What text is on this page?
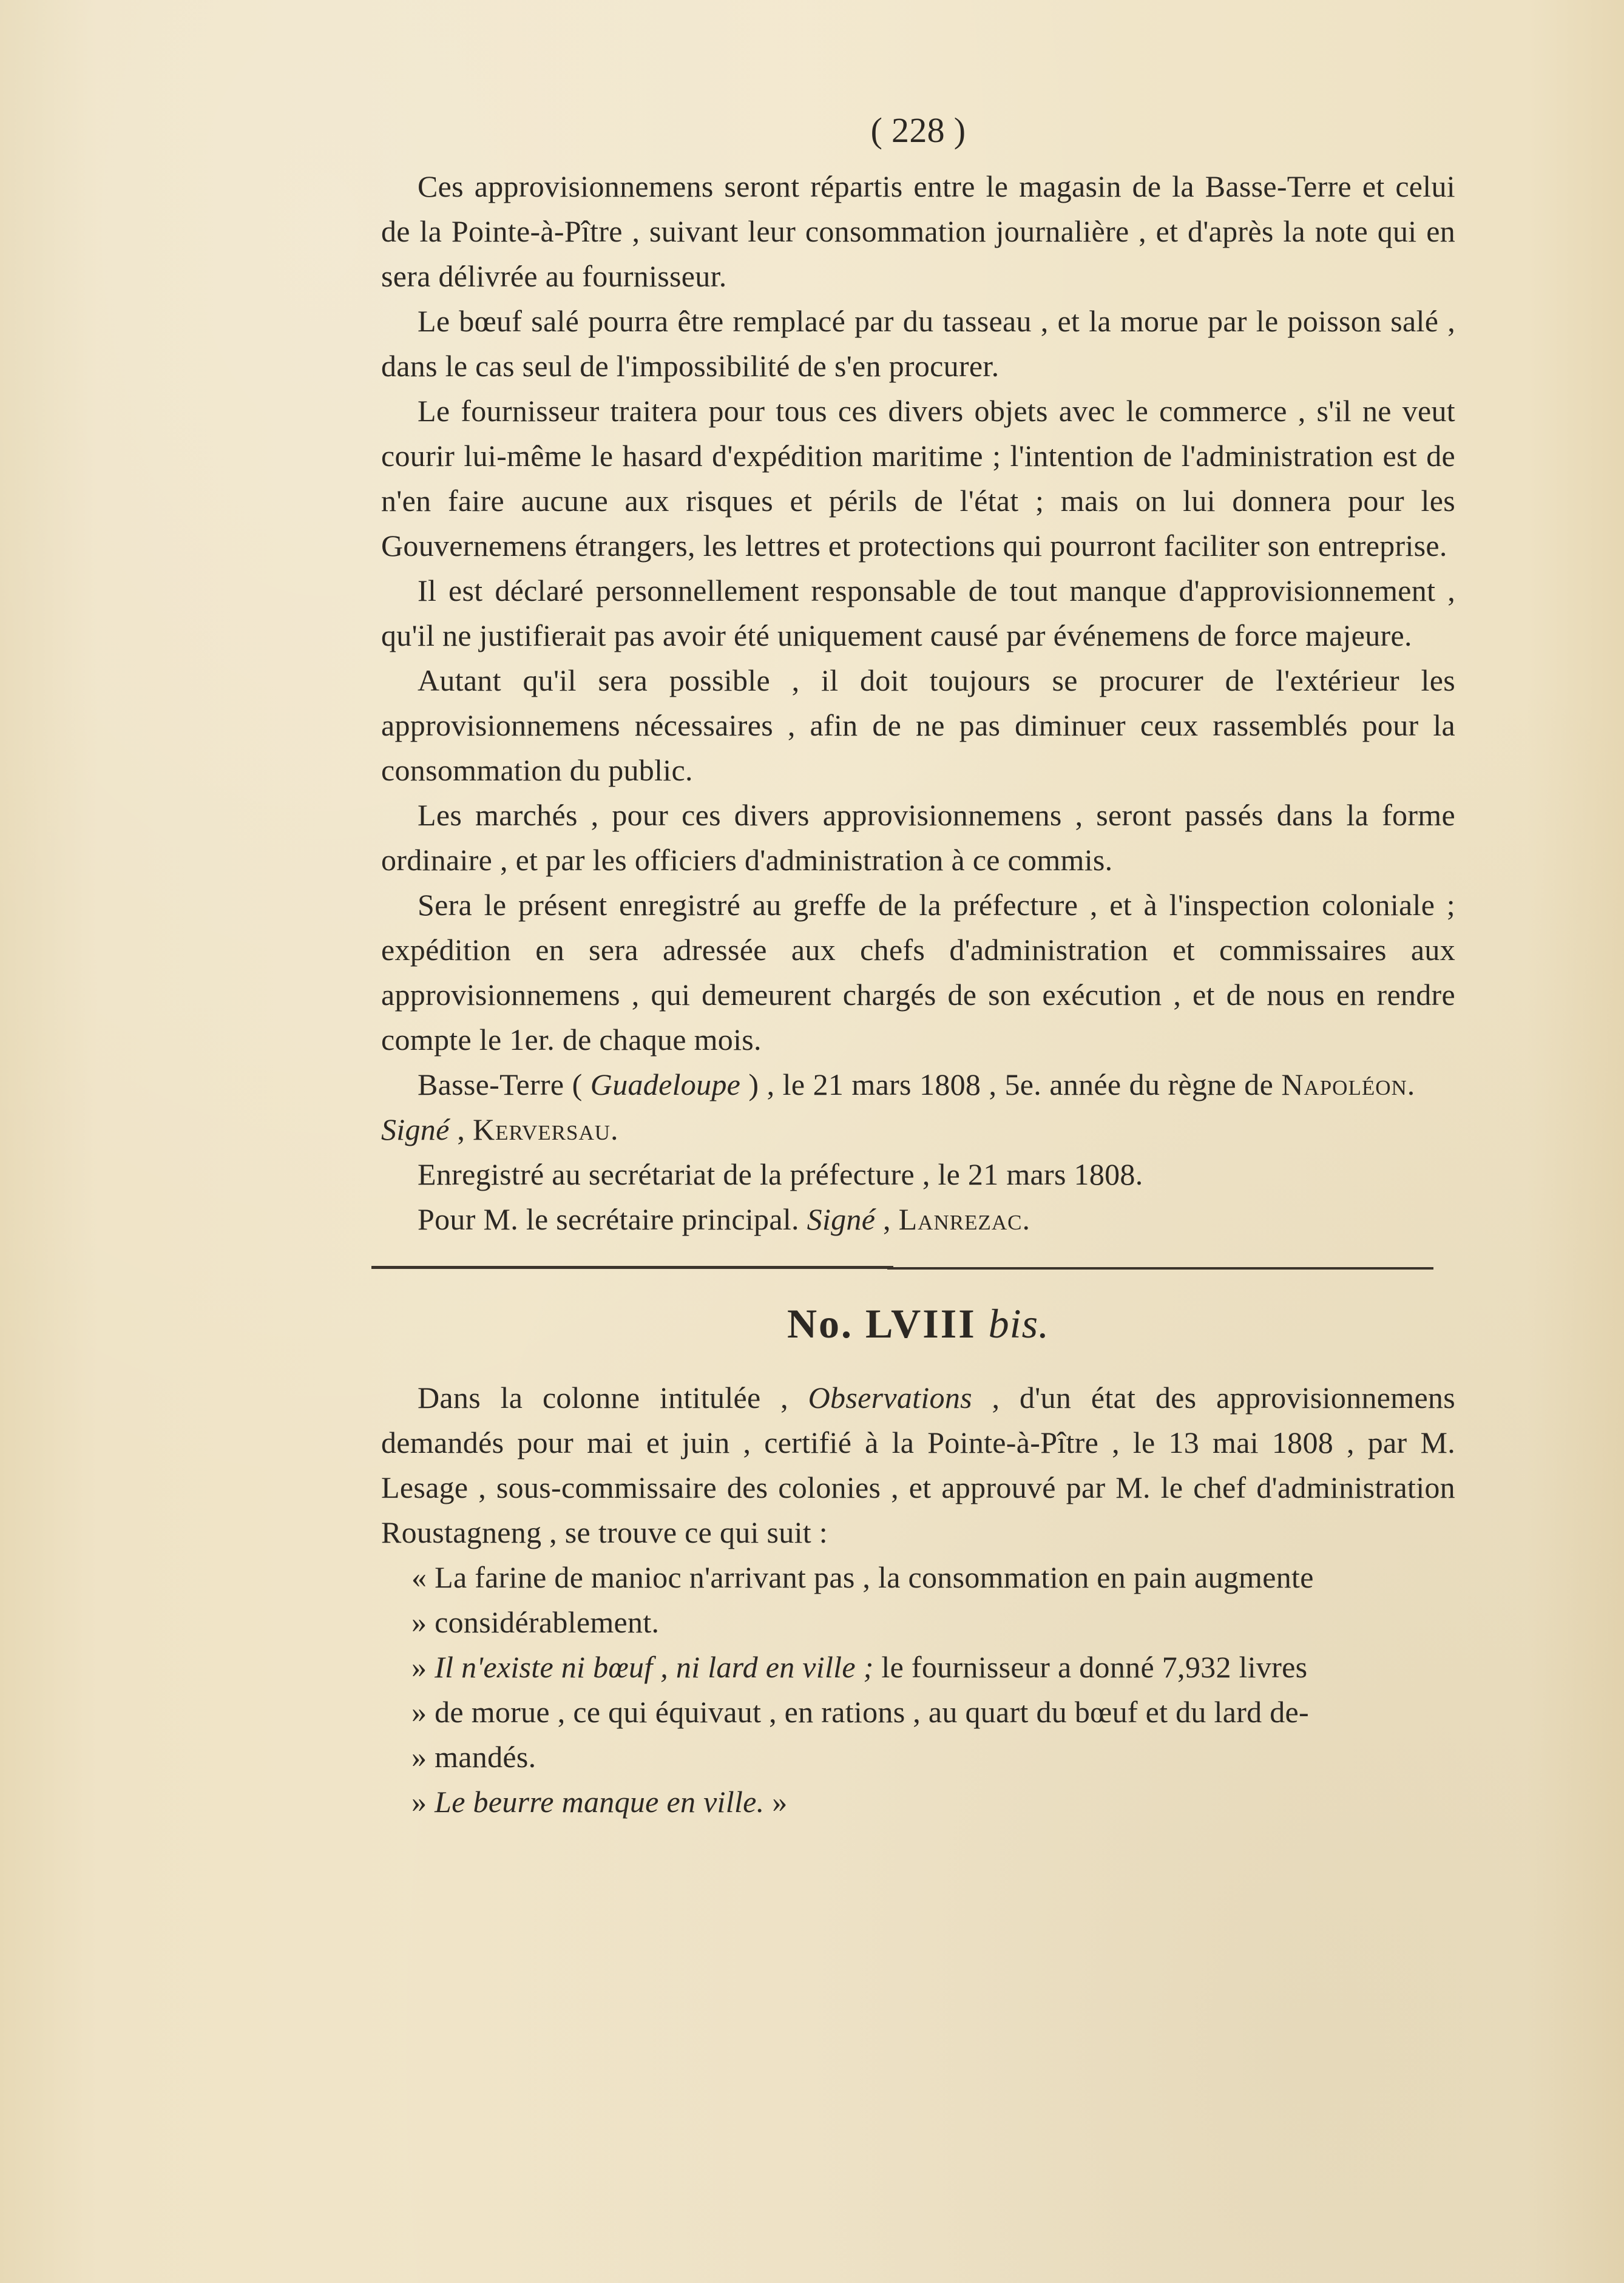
( 228 )

Ces approvisionnemens seront répartis entre le magasin de la Basse-Terre et celui de la Pointe-à-Pître , suivant leur consommation journalière , et d'après la note qui en sera délivrée au fournisseur.

Le bœuf salé pourra être remplacé par du tasseau , et la morue par le poisson salé , dans le cas seul de l'impossibilité de s'en procurer.

Le fournisseur traitera pour tous ces divers objets avec le commerce , s'il ne veut courir lui-même le hasard d'expédition maritime ; l'intention de l'administration est de n'en faire aucune aux risques et périls de l'état ; mais on lui donnera pour les Gouvernemens étrangers, les lettres et protections qui pourront faciliter son entreprise.

Il est déclaré personnellement responsable de tout manque d'approvisionnement , qu'il ne justifierait pas avoir été uniquement causé par événemens de force majeure.

Autant qu'il sera possible , il doit toujours se procurer de l'extérieur les approvisionnemens nécessaires , afin de ne pas diminuer ceux rassemblés pour la consommation du public.

Les marchés , pour ces divers approvisionnemens , seront passés dans la forme ordinaire , et par les officiers d'administration à ce commis.

Sera le présent enregistré au greffe de la préfecture , et à l'inspection coloniale ; expédition en sera adressée aux chefs d'administration et commissaires aux approvisionnemens , qui demeurent chargés de son exécution , et de nous en rendre compte le 1er. de chaque mois.

Basse-Terre ( Guadeloupe ) , le 21 mars 1808 , 5e. année du règne de Napoléon.      Signé , Kerversau.

Enregistré au secrétariat de la préfecture , le 21 mars 1808.

Pour M. le secrétaire principal. Signé , Lanrezac.

No. LVIII bis.

Dans la colonne intitulée , Observations , d'un état des approvisionnemens demandés pour mai et juin , certifié à la Pointe-à-Pître , le 13 mai 1808 , par M. Lesage , sous-commissaire des colonies , et approuvé par M. le chef d'administration Roustagneng , se trouve ce qui suit :

« La farine de manioc n'arrivant pas , la consommation en pain augmente

» considérablement.

» Il n'existe ni bœuf , ni lard en ville ; le fournisseur a donné 7,932 livres

» de morue , ce qui équivaut , en rations , au quart du bœuf et du lard de-

» mandés.

» Le beurre manque en ville. »
